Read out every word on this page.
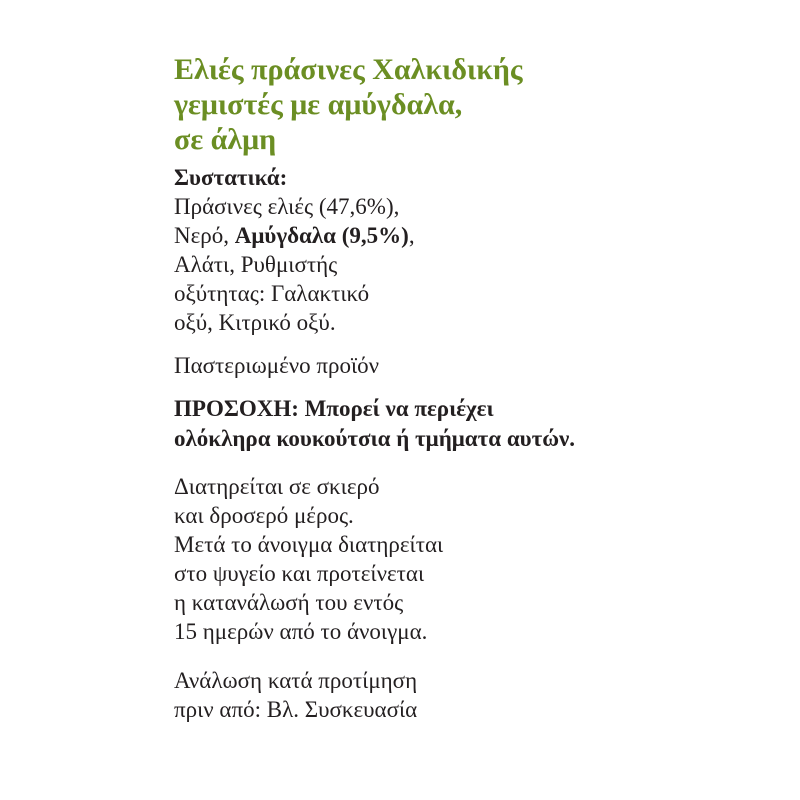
Ελιές πράσινες Χαλκιδικής
γεμιστές με αμύγδαλα,
σε άλμη
Συστατικά:
Πράσινες ελιές (47,6%),
Νερό, Αμύγδαλα (9,5%),
Αλάτι, Ρυθμιστής
οξύτητας: Γαλακτικό
οξύ, Κιτρικό οξύ.
Παστεριωμένο προϊόν
ΠΡΟΣΟΧΗ: Μπορεί να περιέχει
ολόκληρα κουκούτσια ή τμήματα αυτών.
Διατηρείται σε σκιερό
και δροσερό μέρος.
Μετά το άνοιγμα διατηρείται
στο ψυγείο και προτείνεται
η κατανάλωσή του εντός
15 ημερών από το άνοιγμα.
Ανάλωση κατά προτίμηση
πριν από: Βλ. Συσκευασία
